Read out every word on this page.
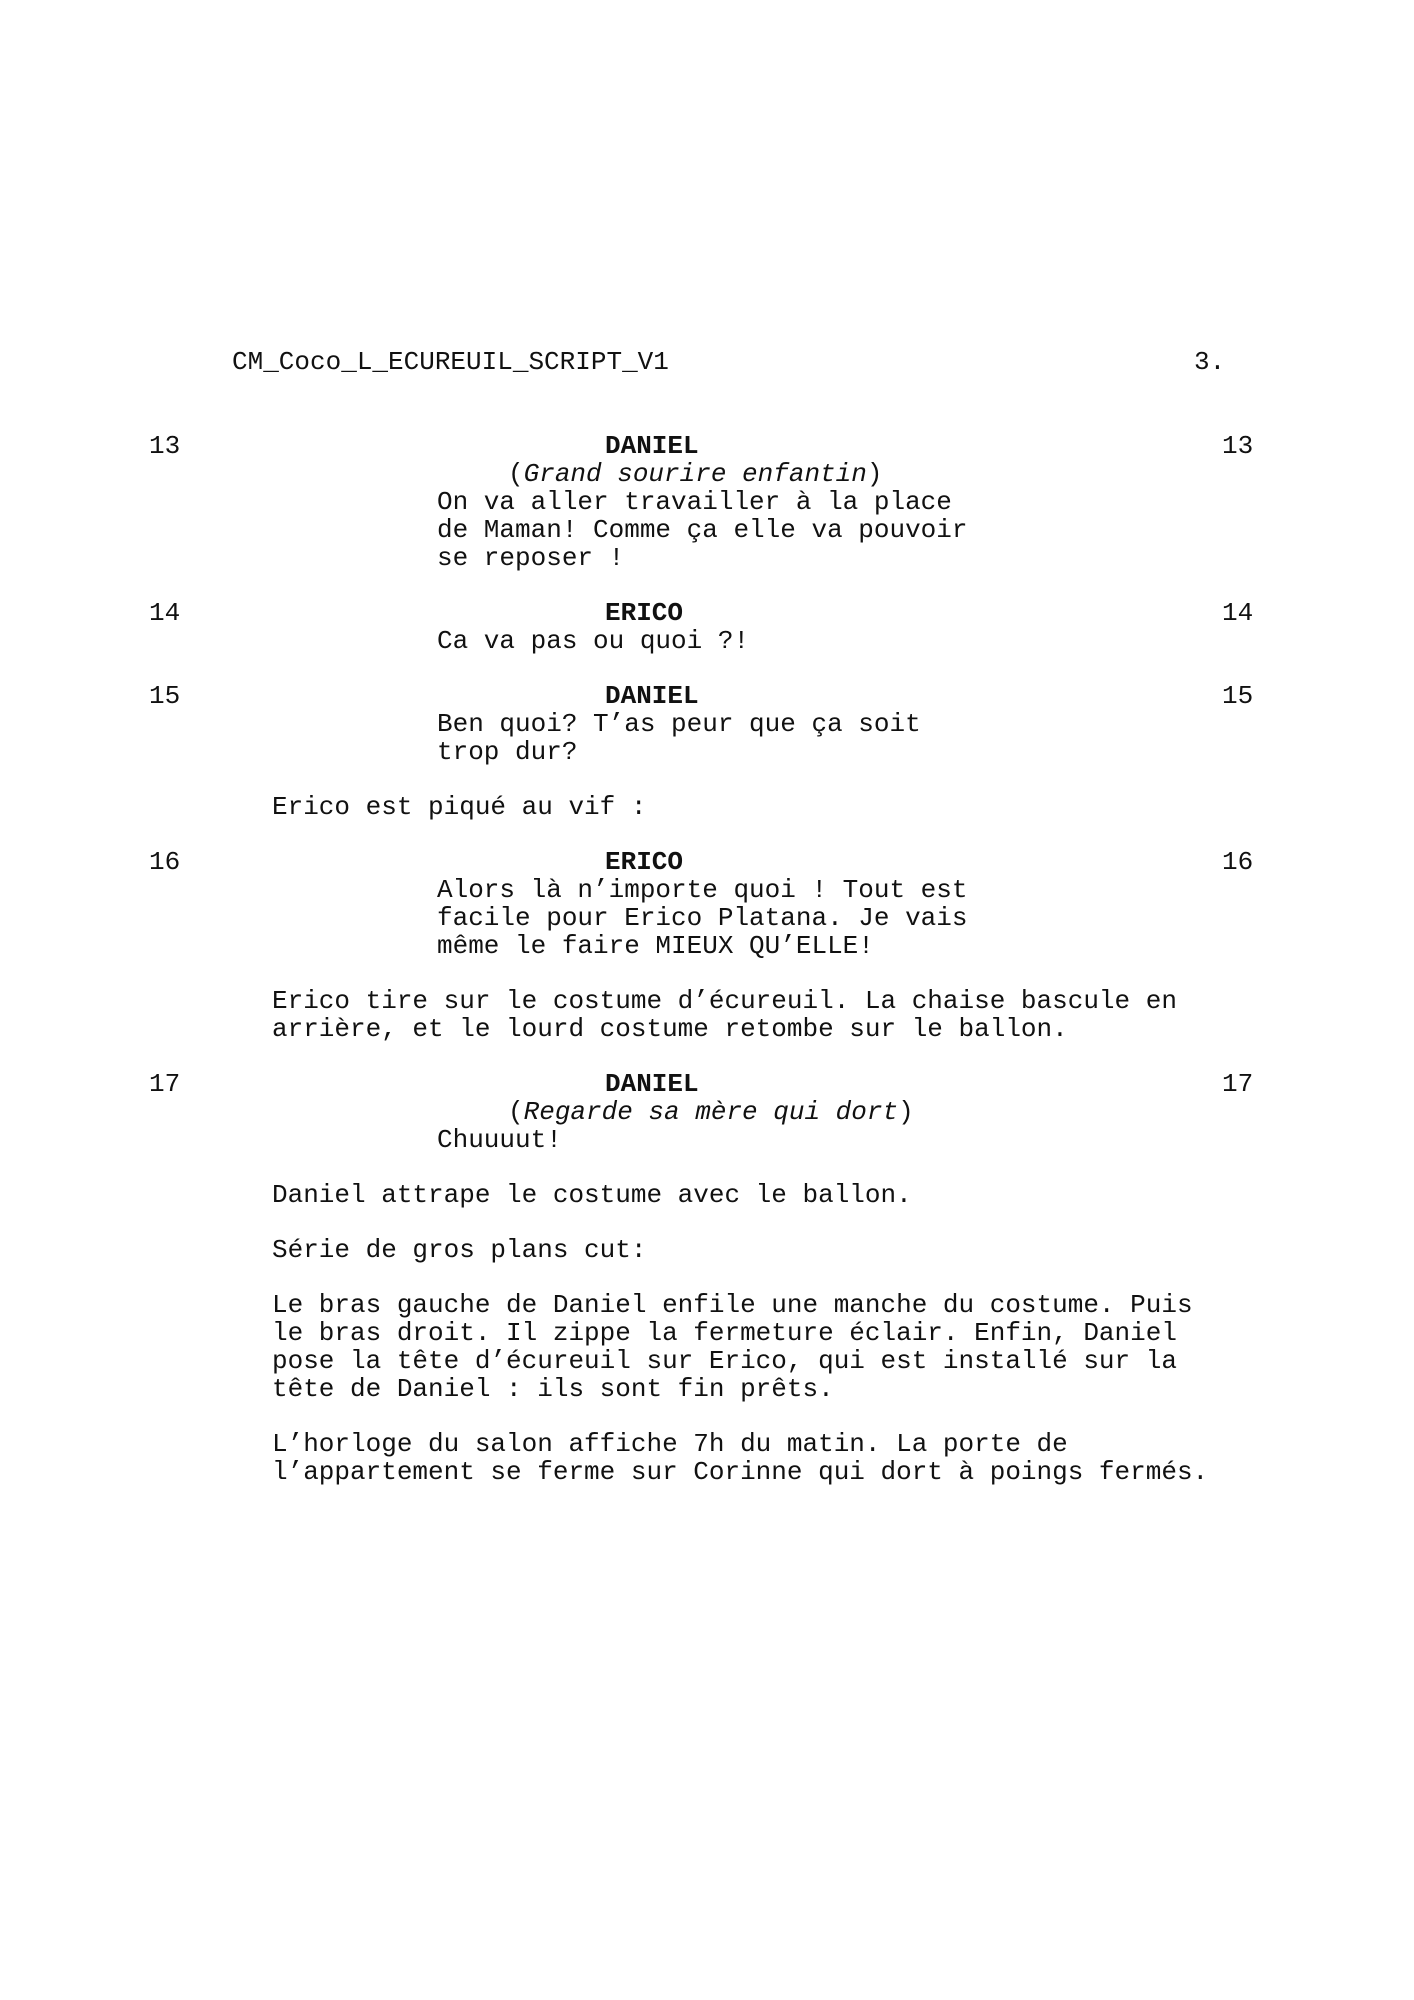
CM_Coco_L_ECUREUIL_SCRIPT_V1	3.
13	13
DANIEL
(Grand sourire enfantin)
On va aller travailler à la place
de Maman! Comme ça elle va pouvoir
se reposer !
14	14
ERICO
Ca va pas ou quoi ?!
15	15
DANIEL
Ben quoi? T’as peur que ça soit
trop dur?
Erico est piqué au vif :
16	16
ERICO
Alors là n’importe quoi ! Tout est
facile pour Erico Platana. Je vais
même le faire MIEUX QU’ELLE!
Erico tire sur le costume d’écureuil. La chaise bascule en
arrière, et le lourd costume retombe sur le ballon.
17	17
DANIEL
(Regarde sa mère qui dort)
Chuuuut!
Daniel attrape le costume avec le ballon.
Série de gros plans cut:
Le bras gauche de Daniel enfile une manche du costume. Puis
le bras droit. Il zippe la fermeture éclair. Enfin, Daniel
pose la tête d’écureuil sur Erico, qui est installé sur la
tête de Daniel : ils sont fin prêts.
L’horloge du salon affiche 7h du matin. La porte de
l’appartement se ferme sur Corinne qui dort à poings fermés.
